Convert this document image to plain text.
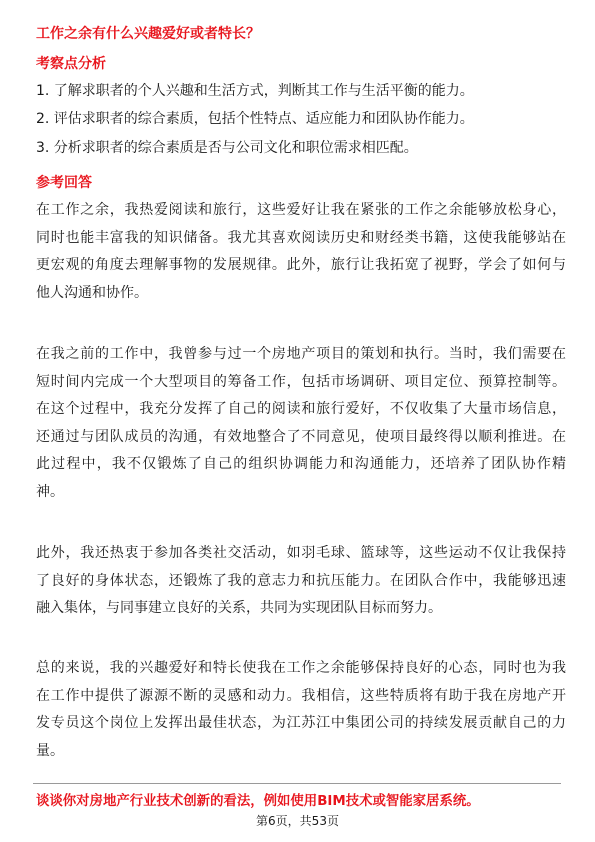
工作之余有什么兴趣爱好或者特长？
考察点分析
1. 了解求职者的个人兴趣和生活方式，判断其工作与生活平衡的能力。
2. 评估求职者的综合素质，包括个性特点、适应能力和团队协作能力。
3. 分析求职者的综合素质是否与公司文化和职位需求相匹配。
参考回答
在工作之余，我热爱阅读和旅行，这些爱好让我在紧张的工作之余能够放松身心，
同时也能丰富我的知识储备。我尤其喜欢阅读历史和财经类书籍，这使我能够站在
更宏观的角度去理解事物的发展规律。此外，旅行让我拓宽了视野，学会了如何与
他人沟通和协作。
在我之前的工作中，我曾参与过一个房地产项目的策划和执行。当时，我们需要在
短时间内完成一个大型项目的筹备工作，包括市场调研、项目定位、预算控制等。
在这个过程中，我充分发挥了自己的阅读和旅行爱好，不仅收集了大量市场信息，
还通过与团队成员的沟通，有效地整合了不同意见，使项目最终得以顺利推进。在
此过程中，我不仅锻炼了自己的组织协调能力和沟通能力，还培养了团队协作精
神。
此外，我还热衷于参加各类社交活动，如羽毛球、篮球等，这些运动不仅让我保持
了良好的身体状态，还锻炼了我的意志力和抗压能力。在团队合作中，我能够迅速
融入集体，与同事建立良好的关系，共同为实现团队目标而努力。
总的来说，我的兴趣爱好和特长使我在工作之余能够保持良好的心态，同时也为我
在工作中提供了源源不断的灵感和动力。我相信，这些特质将有助于我在房地产开
发专员这个岗位上发挥出最佳状态，为江苏江中集团公司的持续发展贡献自己的力
量。
谈谈你对房地产行业技术创新的看法，例如使用BIM技术或智能家居系统。
第6页，共53页
